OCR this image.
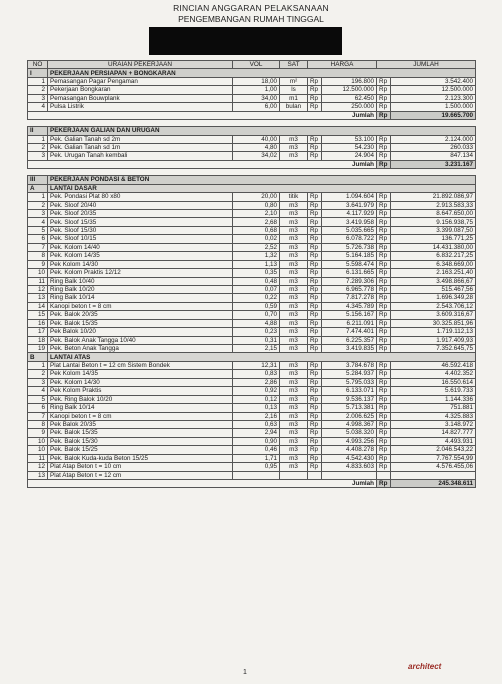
RINCIAN ANGGARAN PELAKSANAAN
PENGEMBANGAN RUMAH TINGGAL
NO	URAIAN PEKERJAAN	VOL	SAT	HARGA		JUMLAH	
I	PEKERJAAN PERSIAPAN + BONGKARAN						
1	Pemasangan Pagar Pengaman	18,00	m²	Rp	196.800	Rp	3.542.400
2	Pekerjaan Bongkaran	1,00	ls	Rp	12.500.000	Rp	12.500.000
3	Pemasangan Bouwplank	34,00	m1	Rp	62.450	Rp	2.123.300
4	Pulsa Listrik	6,00	bulan	Rp	250.000	Rp	1.500.000
Jumlah						Rp	19.665.700

II	PEKERJAAN GALIAN DAN URUGAN						
1	Pek. Galian Tanah sd 2m	40,00	m3	Rp	53.100	Rp	2.124.000
2	Pek. Galian Tanah sd 1m	4,80	m3	Rp	54.230	Rp	260.033
3	Pek. Urugan Tanah kembali	34,02	m3	Rp	24.904	Rp	847.134
Jumlah						Rp	3.231.167

III	PEKERJAAN PONDASI & BETON						
A	LANTAI DASAR						
1	Pek. Pondasi Plat 80 x80	20,00	titik	Rp	1.094.604	Rp	21.892.086,97
2	Pek. Sloof 20/40	0,80	m3	Rp	3.641.979	Rp	2.913.583,33
3	Pek. Sloof 20/35	2,10	m3	Rp	4.117.929	Rp	8.647.650,00
4	Pek. Sloof 15/35	2,68	m3	Rp	3.419.958	Rp	9.156.938,75
5	Pek. Sloof 15/30	0,68	m3	Rp	5.035.665	Rp	3.399.087,50
6	Pek. Sloof 10/15	0,02	m3	Rp	6.078.722	Rp	136.771,25
7	Pek. Kolom 14/40	2,52	m3	Rp	5.726.738	Rp	14.431.380,00
8	Pek. Kolom 14/35	1,32	m3	Rp	5.164.185	Rp	6.832.217,25
9	Pek Kolom 14/30	1,13	m3	Rp	5.598.474	Rp	6.348.669,00
10	Pek. Kolom Praktis 12/12	0,35	m3	Rp	6.131.665	Rp	2.163.251,40
11	Ring Balk 10/40	0,48	m3	Rp	7.289.306	Rp	3.498.866,67
12	Ring Balk 10/20	0,07	m3	Rp	6.965.778	Rp	515.467,56
13	Ring Balk 10/14	0,22	m3	Rp	7.817.278	Rp	1.696.349,28
14	Kanopi beton t = 8 cm	0,59	m3	Rp	4.345.789	Rp	2.543.706,12
15	Pek. Balok 20/35	0,70	m3	Rp	5.156.167	Rp	3.609.316,67
16	Pek. Balok 15/35	4,88	m3	Rp	6.211.091	Rp	30.325.851,96
17	Pek Balok 10/20	0,23	m3	Rp	7.474.401	Rp	1.719.112,13
18	Pek. Balok Anak Tangga 10/40	0,31	m3	Rp	6.225.357	Rp	1.917.409,93
19	Pek. Beton Anak Tangga	2,15	m3	Rp	3.419.835	Rp	7.352.645,75
B	LANTAI ATAS						
1	Plat Lantai Beton t = 12 cm Sistem Bondek	12,31	m3	Rp	3.784.678	Rp	46.592.418
2	Pek Kolom 14/35	0,83	m3	Rp	5.284.937	Rp	4.402.352
3	Pek. Kolom 14/30	2,86	m3	Rp	5.795.033	Rp	16.550.614
4	Pek Kolom Praktis	0,92	m3	Rp	6.133.071	Rp	5.619.733
5	Pek. Ring Balok 10/20	0,12	m3	Rp	9.536.137	Rp	1.144.336
6	Ring Balk 10/14	0,13	m3	Rp	5.713.381	Rp	751.881
7	Kanopi beton t = 8 cm	2,16	m3	Rp	2.006.625	Rp	4.325.883
8	Pek Balok 20/35	0,63	m3	Rp	4.998.367	Rp	3.148.972
9	Pek. Balok 15/35	2,94	m3	Rp	5.038.320	Rp	14.827.777
10	Pek. Balok 15/30	0,90	m3	Rp	4.993.256	Rp	4.493.931
10	Pek. Balok 15/25	0,46	m3	Rp	4.408.278	Rp	2.046.543,22
11	Pek. Balok Kuda-kuda Beton 15/25	1,71	m3	Rp	4.542.430	Rp	7.767.554,99
12	Plat Atap Beton t = 10 cm	0,95	m3	Rp	4.833.603	Rp	4.576.455,06
13	Plat Atap Beton t = 12 cm						
Jumlah						Rp	245.348.611
1
architect
